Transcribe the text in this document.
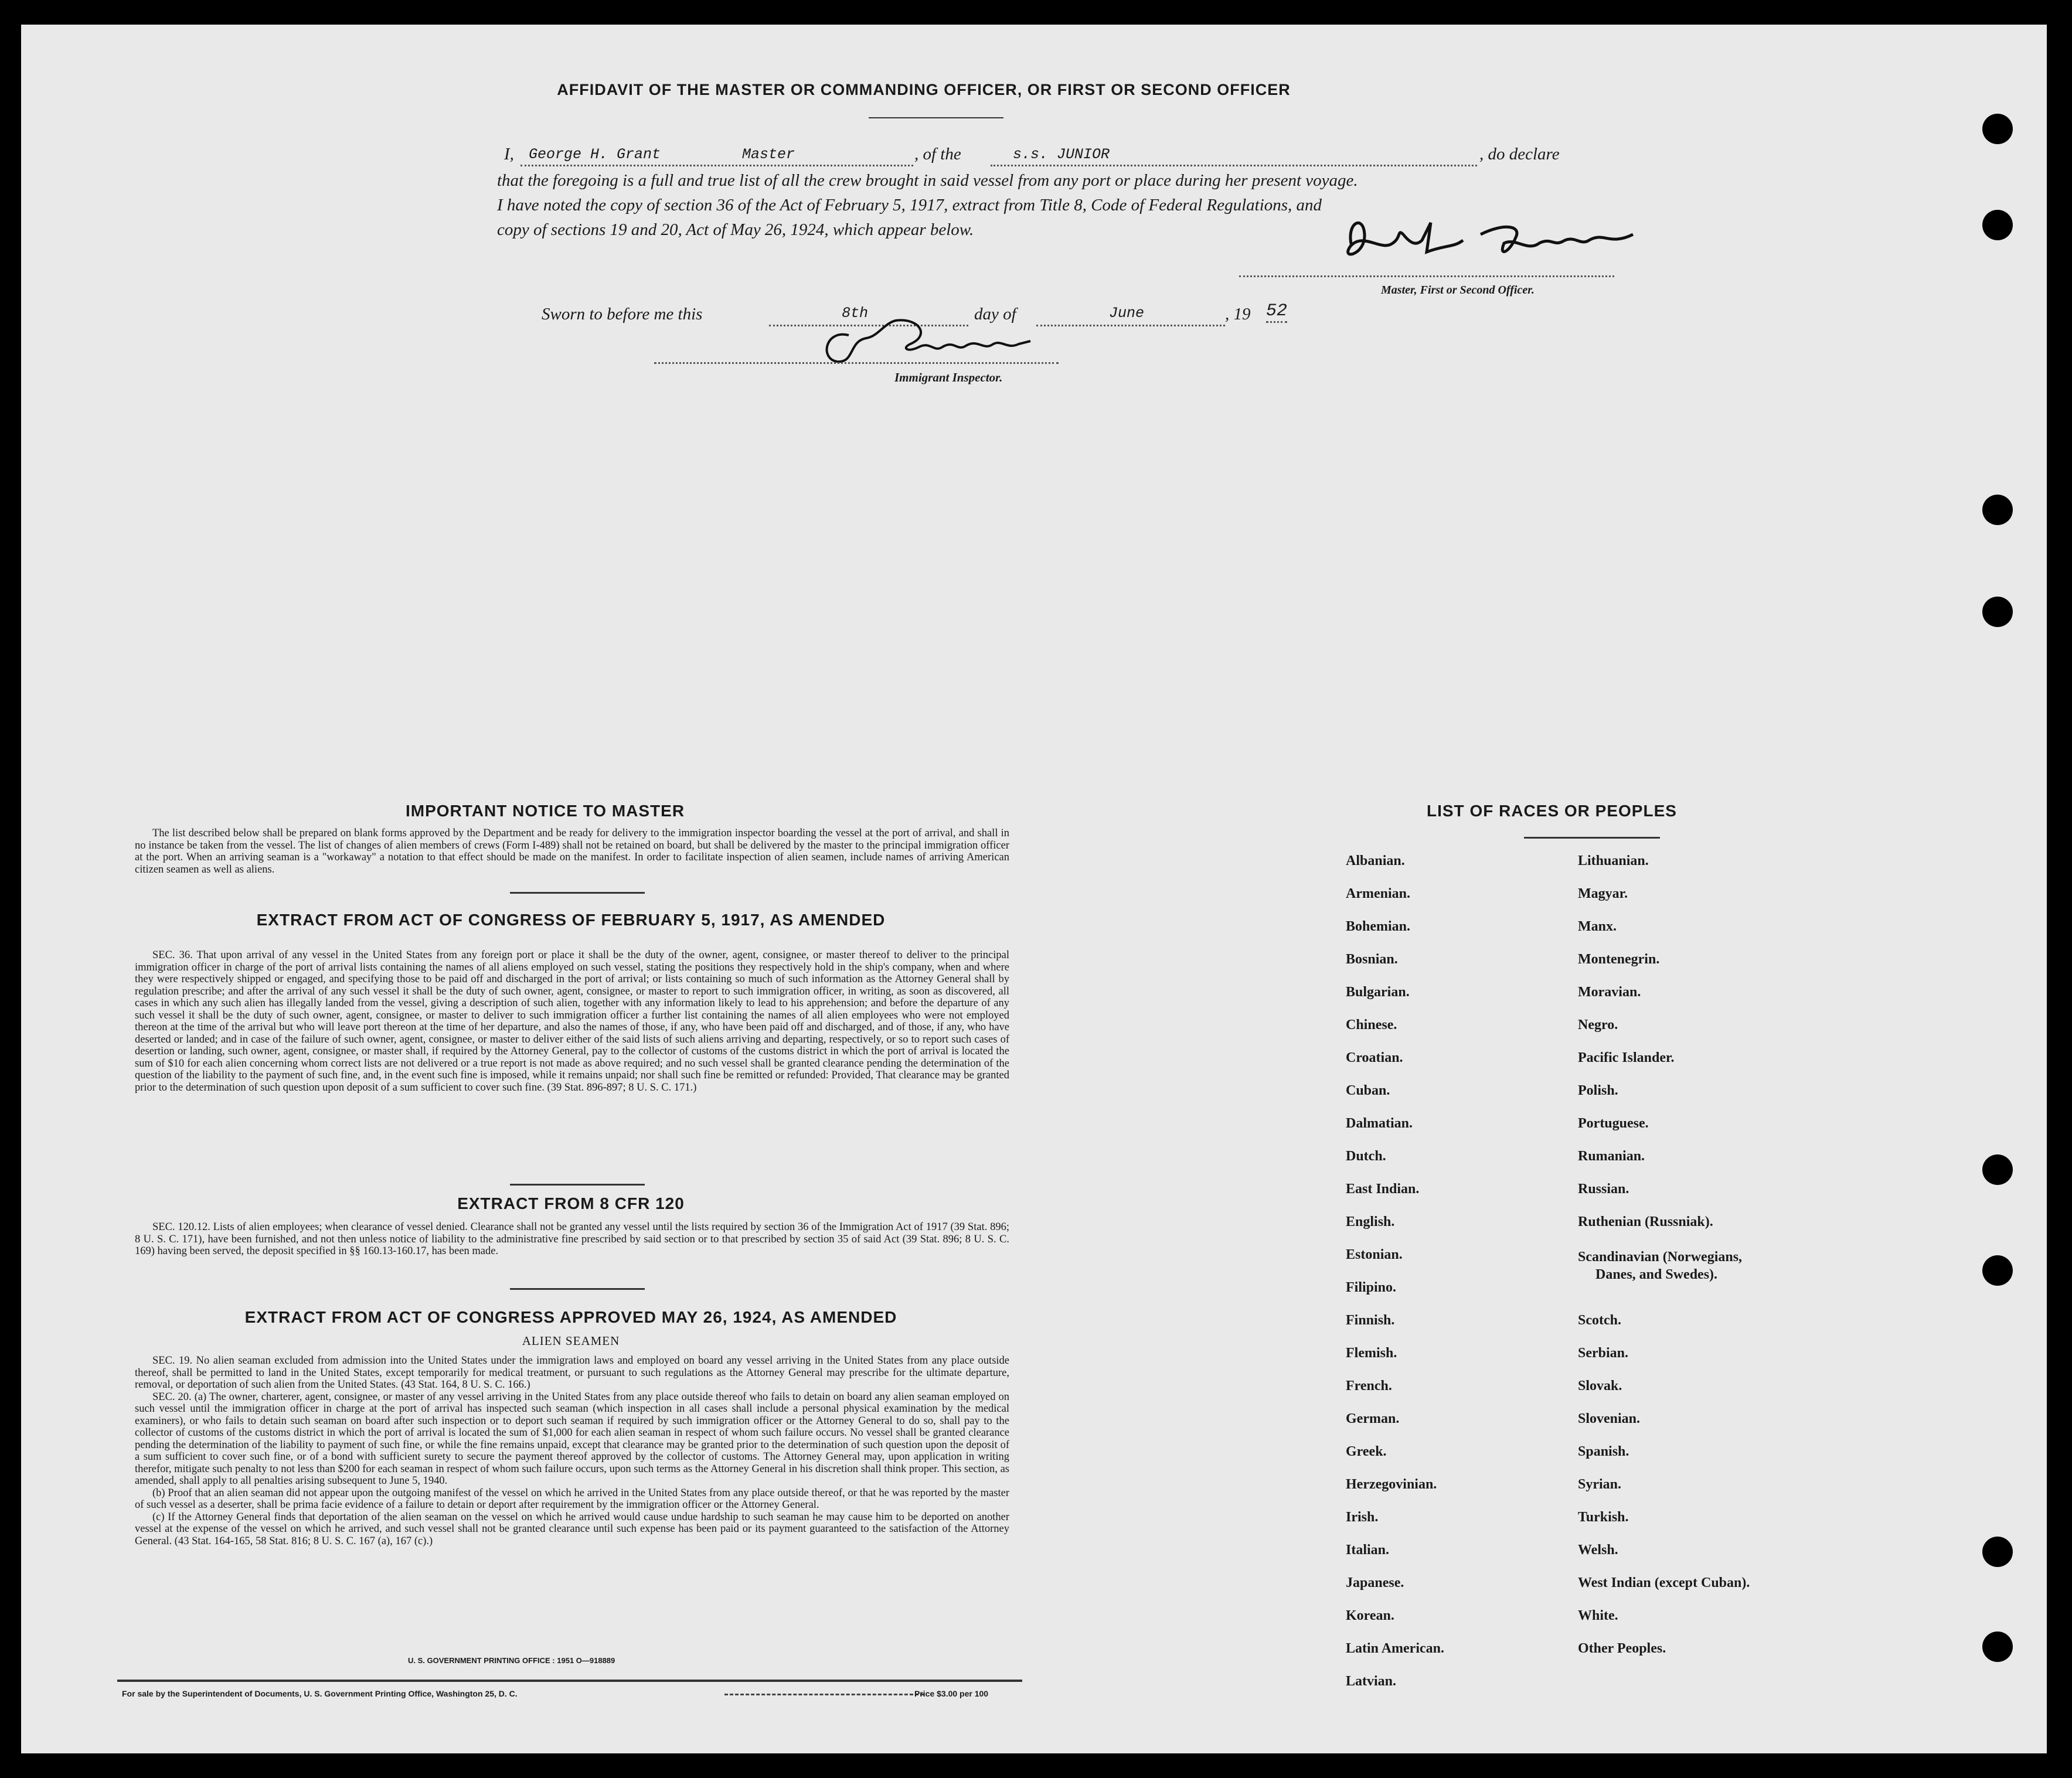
AFFIDAVIT OF THE MASTER OR COMMANDING OFFICER, OR FIRST OR SECOND OFFICER
I, George H. Grant	Master	, of the	s.s. JUNIOR	, do declare
that the foregoing is a full and true list of all the crew brought in said vessel from any port or place during her present voyage.
I have noted the copy of section 36 of the Act of February 5, 1917, extract from Title 8, Code of Federal Regulations, and
copy of sections 19 and 20, Act of May 26, 1924, which appear below.
Master, First or Second Officer.
Sworn to before me this	8th	day of	June	, 19 52
Immigrant Inspector.
IMPORTANT NOTICE TO MASTER

The list described below shall be prepared on blank forms approved by the Department and be ready for delivery to the immigration inspector boarding the vessel at the port of arrival, and shall in no instance be taken from the vessel. The list of changes of alien members of crews (Form I-489) shall not be retained on board, but shall be delivered by the master to the principal immigration officer at the port. When an arriving seaman is a "workaway" a notation to that effect should be made on the manifest. In order to facilitate inspection of alien seamen, include names of arriving American citizen seamen as well as aliens.

EXTRACT FROM ACT OF CONGRESS OF FEBRUARY 5, 1917, AS AMENDED

SEC. 36. That upon arrival of any vessel in the United States from any foreign port or place it shall be the duty of the owner, agent, consignee, or master thereof to deliver to the principal immigration officer in charge of the port of arrival lists containing the names of all aliens employed on such vessel, stating the positions they respectively hold in the ship's company, when and where they were respectively shipped or engaged, and specifying those to be paid off and discharged in the port of arrival; or lists containing so much of such information as the Attorney General shall by regulation prescribe; and after the arrival of any such vessel it shall be the duty of such owner, agent, consignee, or master to report to such immigration officer, in writing, as soon as discovered, all cases in which any such alien has illegally landed from the vessel, giving a description of such alien, together with any information likely to lead to his apprehension; and before the departure of any such vessel it shall be the duty of such owner, agent, consignee, or master to deliver to such immigration officer a further list containing the names of all alien employees who were not employed thereon at the time of the arrival but who will leave port thereon at the time of her departure, and also the names of those, if any, who have been paid off and discharged, and of those, if any, who have deserted or landed; and in case of the failure of such owner, agent, consignee, or master to deliver either of the said lists of such aliens arriving and departing, respectively, or so to report such cases of desertion or landing, such owner, agent, consignee, or master shall, if required by the Attorney General, pay to the collector of customs of the customs district in which the port of arrival is located the sum of $10 for each alien concerning whom correct lists are not delivered or a true report is not made as above required; and no such vessel shall be granted clearance pending the determination of the question of the liability to the payment of such fine, and, in the event such fine is imposed, while it remains unpaid; nor shall such fine be remitted or refunded: Provided, That clearance may be granted prior to the determination of such question upon deposit of a sum sufficient to cover such fine. (39 Stat. 896-897; 8 U. S. C. 171.)

EXTRACT FROM 8 CFR 120

SEC. 120.12. Lists of alien employees; when clearance of vessel denied. Clearance shall not be granted any vessel until the lists required by section 36 of the Immigration Act of 1917 (39 Stat. 896; 8 U. S. C. 171), have been furnished, and not then unless notice of liability to the administrative fine prescribed by said section or to that prescribed by section 35 of said Act (39 Stat. 896; 8 U. S. C. 169) having been served, the deposit specified in §§ 160.13-160.17, has been made.

EXTRACT FROM ACT OF CONGRESS APPROVED MAY 26, 1924, AS AMENDED
ALIEN SEAMEN

SEC. 19. No alien seaman excluded from admission into the United States under the immigration laws and employed on board any vessel arriving in the United States from any place outside thereof, shall be permitted to land in the United States, except temporarily for medical treatment, or pursuant to such regulations as the Attorney General may prescribe for the ultimate departure, removal, or deportation of such alien from the United States. (43 Stat. 164, 8 U. S. C. 166.)

SEC. 20. (a) The owner, charterer, agent, consignee, or master of any vessel arriving in the United States from any place outside thereof who fails to detain on board any alien seaman employed on such vessel until the immigration officer in charge at the port of arrival has inspected such seaman (which inspection in all cases shall include a personal physical examination by the medical examiners), or who fails to detain such seaman on board after such inspection or to deport such seaman if required by such immigration officer or the Attorney General to do so, shall pay to the collector of customs of the customs district in which the port of arrival is located the sum of $1,000 for each alien seaman in respect of whom such failure occurs. No vessel shall be granted clearance pending the determination of the liability to payment of such fine, or while the fine remains unpaid, except that clearance may be granted prior to the determination of such question upon the deposit of a sum sufficient to cover such fine, or of a bond with sufficient surety to secure the payment thereof approved by the collector of customs. The Attorney General may, upon application in writing therefor, mitigate such penalty to not less than $200 for each seaman in respect of whom such failure occurs, upon such terms as the Attorney General in his discretion shall think proper. This section, as amended, shall apply to all penalties arising subsequent to June 5, 1940.

(b) Proof that an alien seaman did not appear upon the outgoing manifest of the vessel on which he arrived in the United States from any place outside thereof, or that he was reported by the master of such vessel as a deserter, shall be prima facie evidence of a failure to detain or deport after requirement by the immigration officer or the Attorney General.

(c) If the Attorney General finds that deportation of the alien seaman on the vessel on which he arrived would cause undue hardship to such seaman he may cause him to be deported on another vessel at the expense of the vessel on which he arrived, and such vessel shall not be granted clearance until such expense has been paid or its payment guaranteed to the satisfaction of the Attorney General. (43 Stat. 164-165, 58 Stat. 816; 8 U. S. C. 167 (a), 167 (c).)

U. S. GOVERNMENT PRINTING OFFICE : 1951 O—918889
For sale by the Superintendent of Documents, U. S. Government Printing Office, Washington 25, D. C.	Price $3.00 per 100
LIST OF RACES OR PEOPLES
Albanian.
Armenian.
Bohemian.
Bosnian.
Bulgarian.
Chinese.
Croatian.
Cuban.
Dalmatian.
Dutch.
East Indian.
English.
Estonian.
Filipino.
Finnish.
Flemish.
French.
German.
Greek.
Herzegovinian.
Irish.
Italian.
Japanese.
Korean.
Latin American.
Latvian.
Lithuanian.
Magyar.
Manx.
Montenegrin.
Moravian.
Negro.
Pacific Islander.
Polish.
Portuguese.
Rumanian.
Russian.
Ruthenian (Russniak).
Scandinavian (Norwegians,
Danes, and Swedes).
Scotch.
Serbian.
Slovak.
Slovenian.
Spanish.
Syrian.
Turkish.
Welsh.
West Indian (except Cuban).
White.
Other Peoples.
